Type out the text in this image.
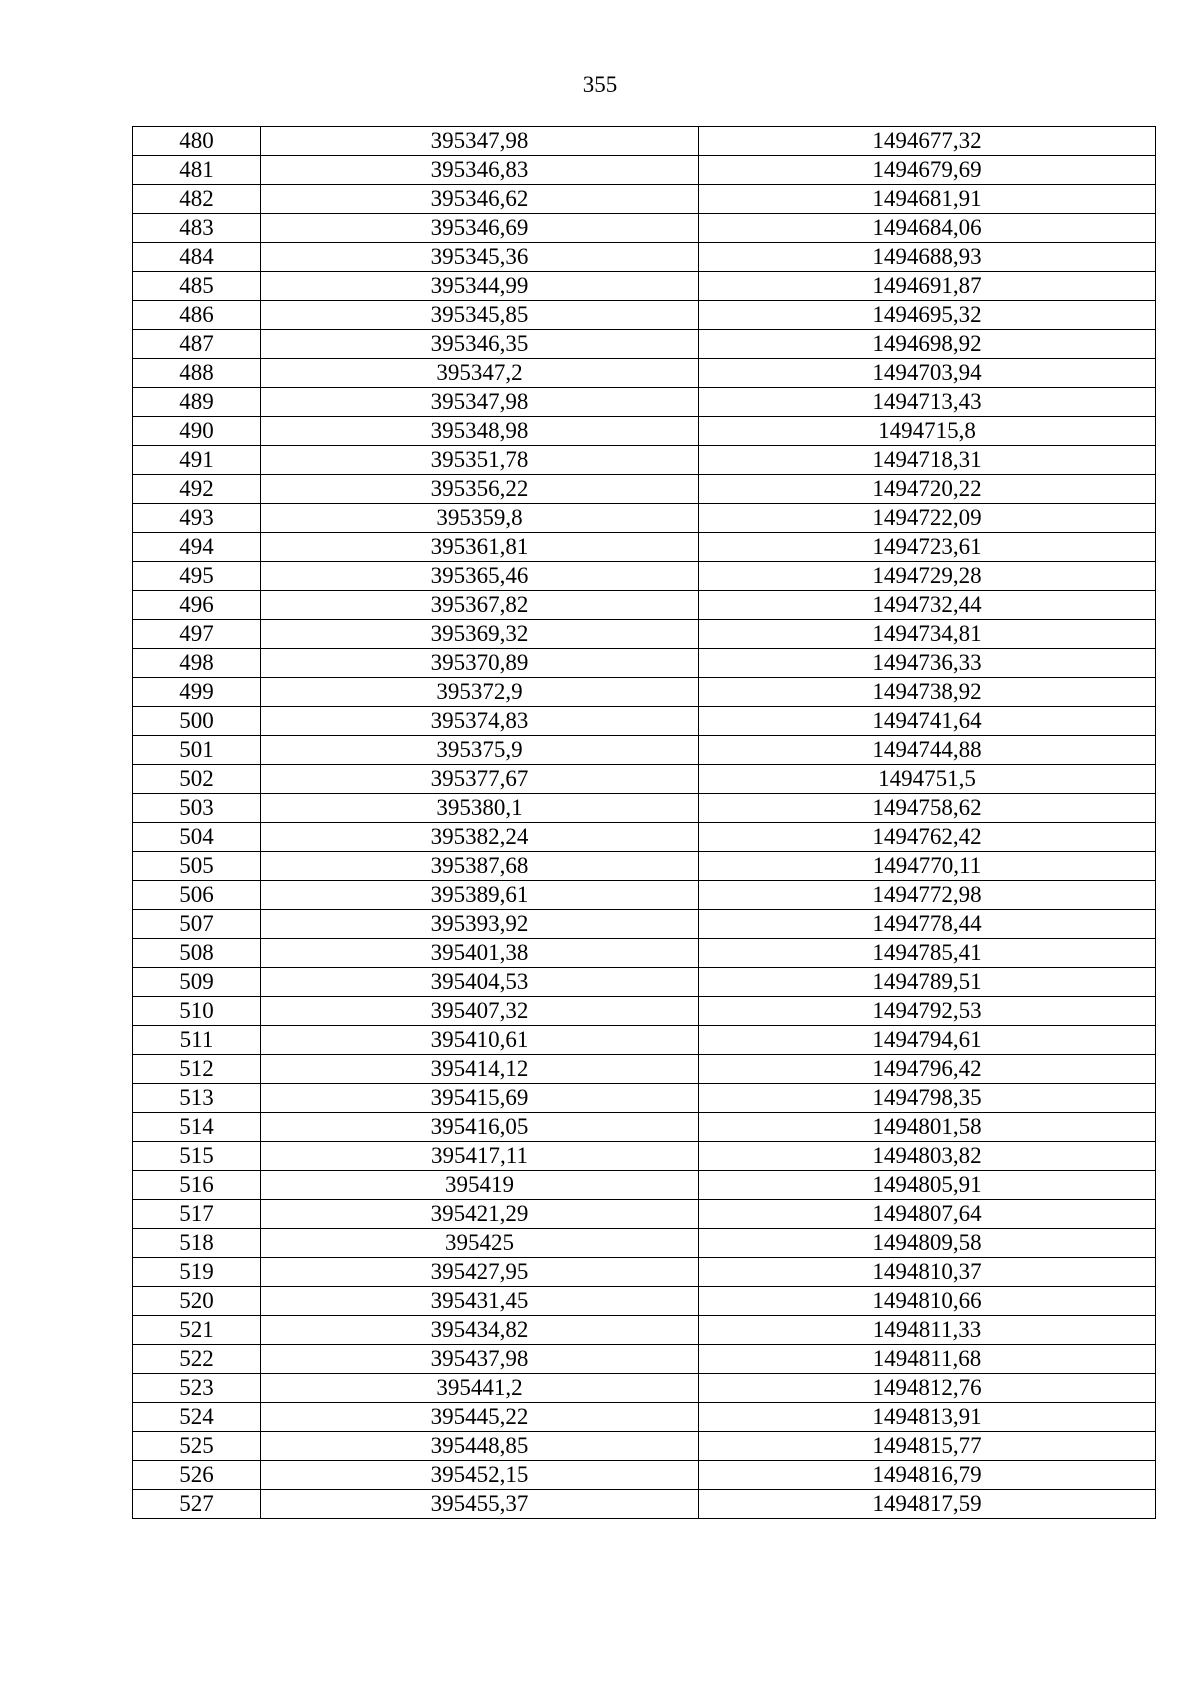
355
480	395347,98	1494677,32
481	395346,83	1494679,69
482	395346,62	1494681,91
483	395346,69	1494684,06
484	395345,36	1494688,93
485	395344,99	1494691,87
486	395345,85	1494695,32
487	395346,35	1494698,92
488	395347,2	1494703,94
489	395347,98	1494713,43
490	395348,98	1494715,8
491	395351,78	1494718,31
492	395356,22	1494720,22
493	395359,8	1494722,09
494	395361,81	1494723,61
495	395365,46	1494729,28
496	395367,82	1494732,44
497	395369,32	1494734,81
498	395370,89	1494736,33
499	395372,9	1494738,92
500	395374,83	1494741,64
501	395375,9	1494744,88
502	395377,67	1494751,5
503	395380,1	1494758,62
504	395382,24	1494762,42
505	395387,68	1494770,11
506	395389,61	1494772,98
507	395393,92	1494778,44
508	395401,38	1494785,41
509	395404,53	1494789,51
510	395407,32	1494792,53
511	395410,61	1494794,61
512	395414,12	1494796,42
513	395415,69	1494798,35
514	395416,05	1494801,58
515	395417,11	1494803,82
516	395419	1494805,91
517	395421,29	1494807,64
518	395425	1494809,58
519	395427,95	1494810,37
520	395431,45	1494810,66
521	395434,82	1494811,33
522	395437,98	1494811,68
523	395441,2	1494812,76
524	395445,22	1494813,91
525	395448,85	1494815,77
526	395452,15	1494816,79
527	395455,37	1494817,59
